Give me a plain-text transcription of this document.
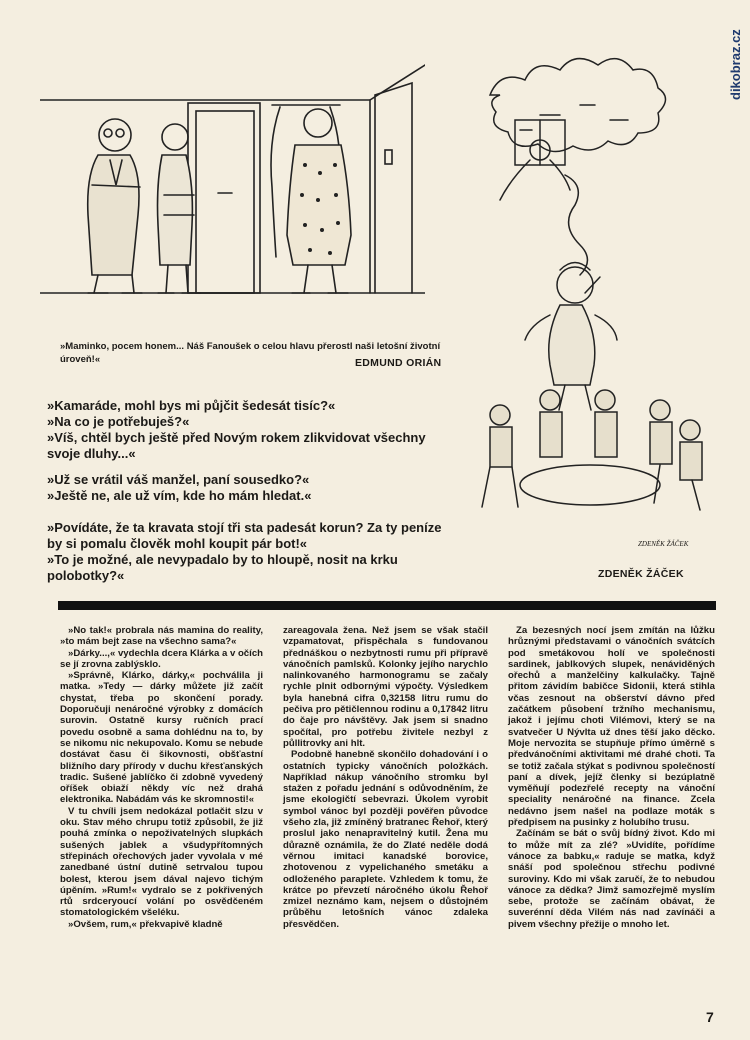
dikobraz.cz
»Maminko, pocem honem... Náš Fanoušek o celou hlavu přerostl naši letošní životní úroveň!«	EDMUND ORIÁN
ZDENĚK ŽÁČEK
ZDENĚK ŽÁČEK

»Kamaráde, mohl bys mi půjčit šedesát tisíc?«

»Na co je potřebuješ?«

»Víš, chtěl bych ještě před Novým rokem zlikvidovat všechny svoje dluhy...«

»Už se vrátil váš manžel, paní sousedko?«

»Ještě ne, ale už vím, kde ho mám hledat.«

»Povídáte, že ta kravata stojí tři sta padesát korun? Za ty peníze by si pomalu člověk mohl koupit pár bot!«

»To je možné, ale nevypadalo by to hloupě, nosit na krku polobotky?«

»No tak!« probrala nás mamina do reality, »to mám bejt zase na všechno sama?«

»Dárky...,« vydechla dcera Klárka a v očích se jí zrovna zablýsklo.

»Správně, Klárko, dárky,« pochválila ji matka. »Tedy — dárky můžete již začít chystat, třeba po skončení porady. Doporučuji nenáročné výrobky z domácích surovin. Ostatně kursy ručních prací povedu osobně a sama dohlédnu na to, by se nikomu nic nekupovalo. Komu se nebude dostávat času či šikovnosti, obšťastní bližního dary přírody v duchu křesťanských tradic. Sušené jablíčko či zdobně vyvedený oříšek obiaží někdy víc než drahá elektronika. Nabádám vás ke skromnosti!«

V tu chvíli jsem nedokázal potlačit slzu v oku. Stav mého chrupu totiž způsobil, že již pouhá zmínka o nepoživatelných slupkách sušených jablek a všudypřítomných střepinách ořechových jader vyvolala v mé zanedbané ústní dutině setrvalou tupou bolest, kterou jsem dával najevo tichým úpěním. »Rum!« vydralo se z pokřivených rtů srdceryoucí volání po osvědčeném stomatologickém všeléku.

»Ovšem, rum,« překvapivě kladně

zareagovala žena. Než jsem se však stačil vzpamatovat, přispěchala s fundovanou přednáškou o nezbytnosti rumu při přípravě vánočních pamlsků. Kolonky jejího narychlo nalinkovaného harmonogramu se začaly rychle plnit odbornými výpočty. Výsledkem byla hanebná cifra 0,32158 litru rumu do pečiva pro pětičlennou rodinu a 0,17842 litru do čaje pro návštěvy. Jak jsem si snadno spočítal, pro potřebu živitele nezbyl z půllitrovky ani hlt.

Podobně hanebně skončilo dohadování i o ostatních typicky vánočních položkách. Například nákup vánočního stromku byl stažen z pořadu jednání s odůvodněním, že jsme ekologičtí sebevrazi. Úkolem vyrobit symbol vánoc byl později pověřen původce všeho zla, již zmíněný bratranec Řehoř, který proslul jako nenapravitelný kutil. Žena mu důrazně oznámila, že do Zlaté neděle dodá věrnou imitaci kanadské borovice, zhotovenou z vypelichaného smetáku a odloženého paraplete. Vzhledem k tomu, že krátce po převzetí náročného úkolu Řehoř zmizel neznámo kam, nejsem o důstojném průběhu letošních vánoc zdaleka přesvědčen.

Za bezesných nocí jsem zmítán na lůžku hrůznými představami o vánočních svátcích pod smetákovou holí ve společnosti sardinek, jablkových slupek, nenáviděných ořechů a manželčiny kalkulačky. Tajně přitom závidím babičce Sidonii, která stihla včas zesnout na obšerství dávno před začátkem působení tržního mechanismu, jakož i jejímu choti Vilémovi, který se na svatvečer U Nývlta už dnes těší jako děcko. Moje nervozita se stupňuje přímo úměrně s předvánočními aktivitami mé drahé choti. Ta se totiž začala stýkat s podivnou společností paní a dívek, jejíž členky si bezúplatně vyměňují podezřelé recepty na vánoční speciality nenáročné na finance. Zcela nedávno jsem našel na podlaze moták s předpisem na pusinky z holubího trusu.

Začínám se bát o svůj bídný život. Kdo mi to může mít za zlé? »Uvidíte, pořídíme vánoce za babku,« raduje se matka, když snáší pod společnou střechu podivné suroviny. Kdo mi však zaručí, že to nebudou vánoce za dědka? Jimž samozřejmě myslím sebe, protože se začínám obávat, že suverénní děda Vilém nás nad zavínáči a pivem všechny přežije o mnoho let.

7
